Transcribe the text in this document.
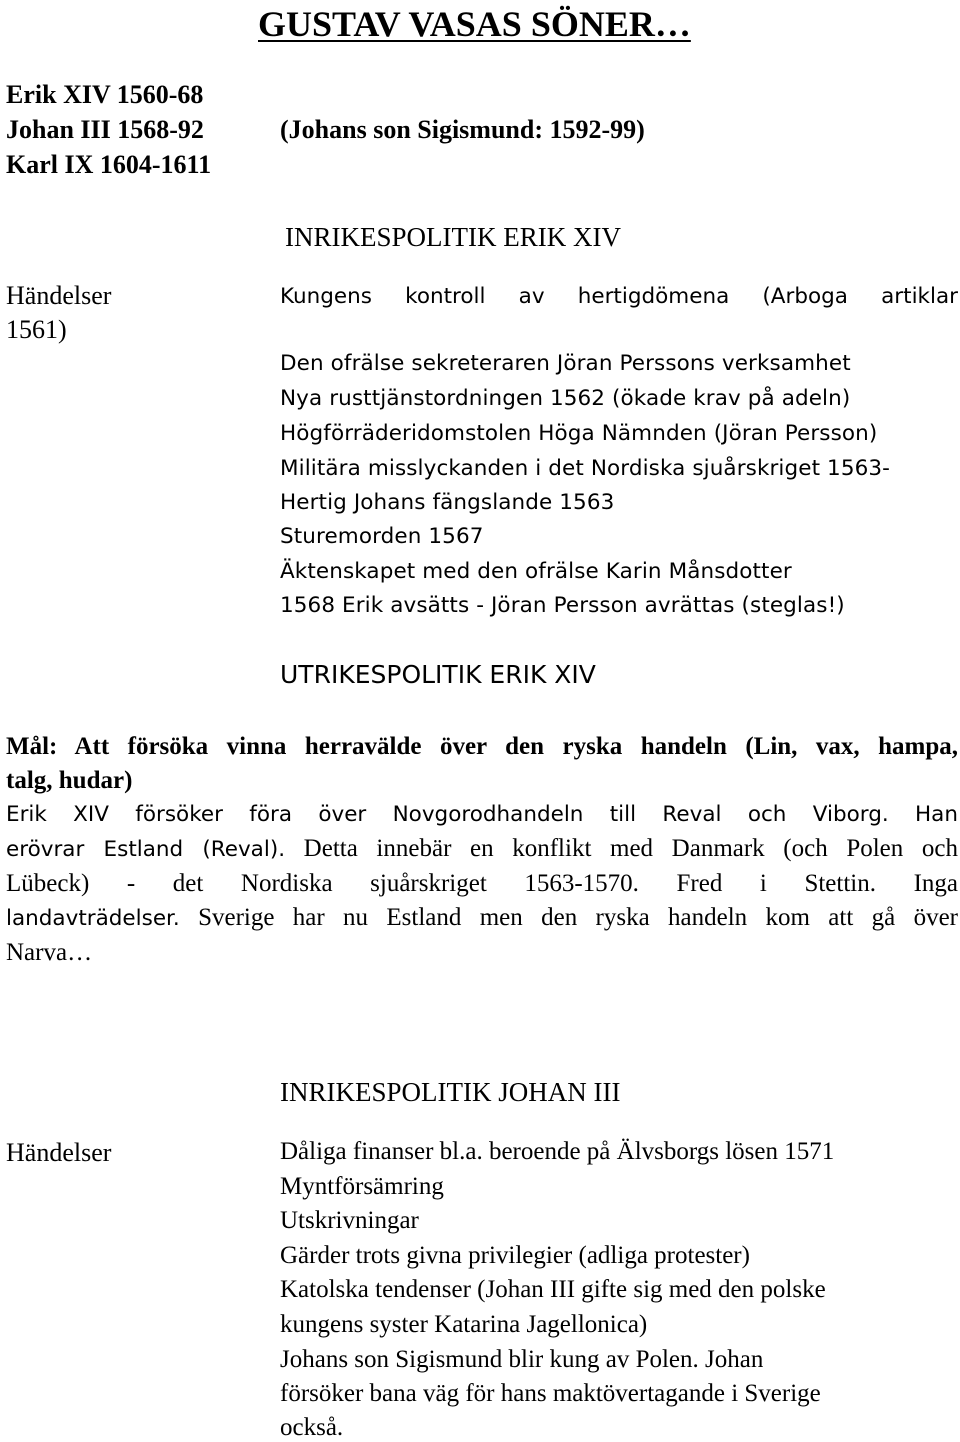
GUSTAV VASAS SÖNER…
Erik XIV 1560-68
Johan III 1568-92
Karl IX 1604-1611
(Johans son Sigismund: 1592-99)
INRIKESPOLITIK ERIK XIV
Händelser
1561)
Kungens kontroll av hertigdömena (Arboga artiklar
Den ofrälse sekreteraren Jöran Perssons verksamhet
Nya rusttjänstordningen 1562 (ökade krav på adeln)
Högförräderidomstolen Höga Nämnden (Jöran Persson)
Militära misslyckanden i det Nordiska sjuårskriget 1563-
Hertig Johans fängslande 1563
Sturemorden 1567
Äktenskapet med den ofrälse Karin Månsdotter
1568 Erik avsätts - Jöran Persson avrättas (steglas!)
UTRIKESPOLITIK ERIK XIV
Mål: Att försöka vinna herravälde över den ryska handeln (Lin, vax, hampa,
talg, hudar)
Erik XIV försöker föra över Novgorodhandeln till Reval och Viborg. Han
erövrar Estland (Reval). Detta innebär en konflikt med Danmark (och Polen och
Lübeck) - det Nordiska sjuårskriget 1563-1570. Fred i Stettin. Inga
landavträdelser. Sverige har nu Estland men den ryska handeln kom att gå över
Narva…
INRIKESPOLITIK JOHAN III
Händelser	Dåliga finanser bl.a. beroende på Älvsborgs lösen 1571
Myntförsämring
Utskrivningar
Gärder trots givna privilegier (adliga protester)
Katolska tendenser (Johan III gifte sig med den polske
kungens syster Katarina Jagellonica)
Johans son Sigismund blir kung av Polen. Johan
försöker bana väg för hans maktövertagande i Sverige
också.
